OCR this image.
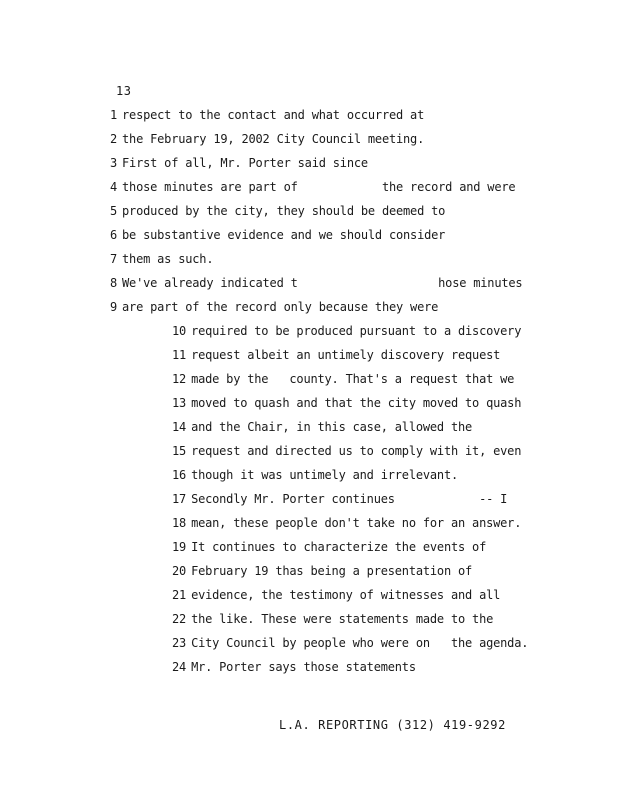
13
1 respect to the contact and what occurred at
2 the February 19, 2002 City Council meeting.
3 First of all, Mr. Porter said since
4 those minutes are part of            the record and were
5 produced by the city, they should be deemed to
6 be substantive evidence and we should consider
7 them as such.
8 We've already indicated t                    hose minutes
9 are part of the record only because they were
10 required to be produced pursuant to a discovery
11 request albeit an untimely discovery request
12 made by the   county. That's a request that we
13 moved to quash and that the city moved to quash
14 and the Chair, in this case, allowed the
15 request and directed us to comply with it, even
16 though it was untimely and irrelevant.
17 Secondly Mr. Porter continues            -- I
18 mean, these people don't take no for an answer.
19 It continues to characterize the events of
20 February 19 thas being a presentation of
21 evidence, the testimony of witnesses and all
22 the like. These were statements made to the
23 City Council by people who were on   the agenda.
24 Mr. Porter says those statements
L.A. REPORTING (312) 419-9292
